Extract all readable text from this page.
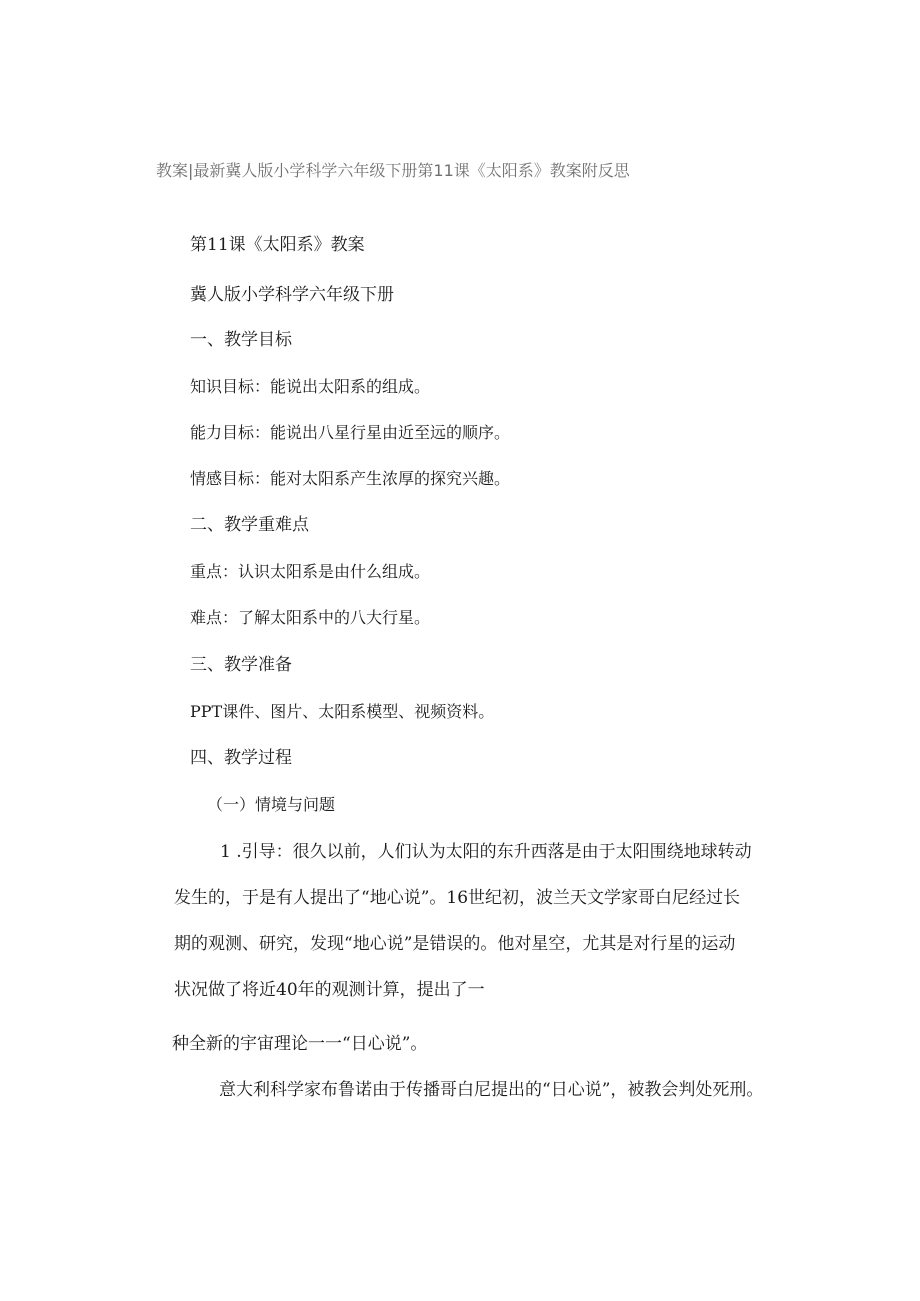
教案|最新冀人版小学科学六年级下册第11课《太阳系》教案附反思

第11课《太阳系》教案

冀人版小学科学六年级下册

一、教学目标

知识目标：能说出太阳系的组成。

能力目标：能说出八星行星由近至远的顺序。

情感目标：能对太阳系产生浓厚的探究兴趣。

二、教学重难点

重点：认识太阳系是由什么组成。

难点：了解太阳系中的八大行星。

三、教学准备

PPT课件、图片、太阳系模型、视频资料。

四、教学过程

（一）情境与问题

1 .引导：很久以前，人们认为太阳的东升西落是由于太阳围绕地球转动

发生的，于是有人提出了“地心说”。16世纪初，波兰天文学家哥白尼经过长

期的观测、研究，发现“地心说”是错误的。他对星空，尤其是对行星的运动

状况做了将近40年的观测计算，提出了一

种全新的宇宙理论一一“日心说”。

意大利科学家布鲁诺由于传播哥白尼提出的“日心说”，被教会判处死刑。
